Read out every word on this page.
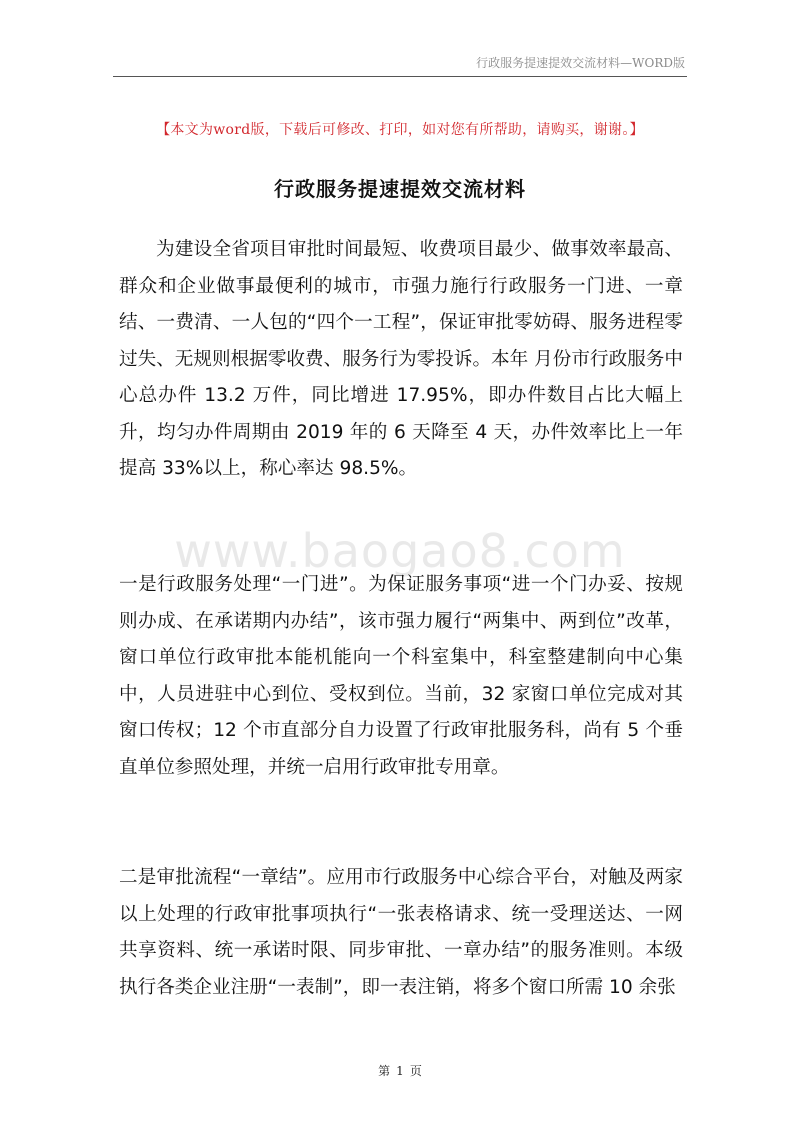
行政服务提速提效交流材料—WORD版
【本文为word版，下载后可修改、打印，如对您有所帮助，请购买，谢谢。】
行政服务提速提效交流材料
www.baogao8.com

为建设全省项目审批时间最短、收费项目最少、做事效率最高、群众和企业做事最便利的城市，市强力施行行政服务一门进、一章结、一费清、一人包的“四个一工程”，保证审批零妨碍、服务进程零过失、无规则根据零收费、服务行为零投诉。本年 月份市行政服务中心总办件 13.2 万件，同比增进 17.95%，即办件数目占比大幅上升，均匀办件周期由 2019 年的 6 天降至 4 天，办件效率比上一年提高 33%以上，称心率达 98.5%。

一是行政服务处理“一门进”。为保证服务事项“进一个门办妥、按规则办成、在承诺期内办结”，该市强力履行“两集中、两到位”改革，窗口单位行政审批本能机能向一个科室集中，科室整建制向中心集中，人员进驻中心到位、受权到位。当前，32 家窗口单位完成对其窗口传权；12 个市直部分自力设置了行政审批服务科，尚有 5 个垂直单位参照处理，并统一启用行政审批专用章。

二是审批流程“一章结”。应用市行政服务中心综合平台，对触及两家以上处理的行政审批事项执行“一张表格请求、统一受理送达、一网共享资料、统一承诺时限、同步审批、一章办结”的服务准则。本级执行各类企业注册“一表制”，即一表注销，将多个窗口所需 10 余张

第 1 页
